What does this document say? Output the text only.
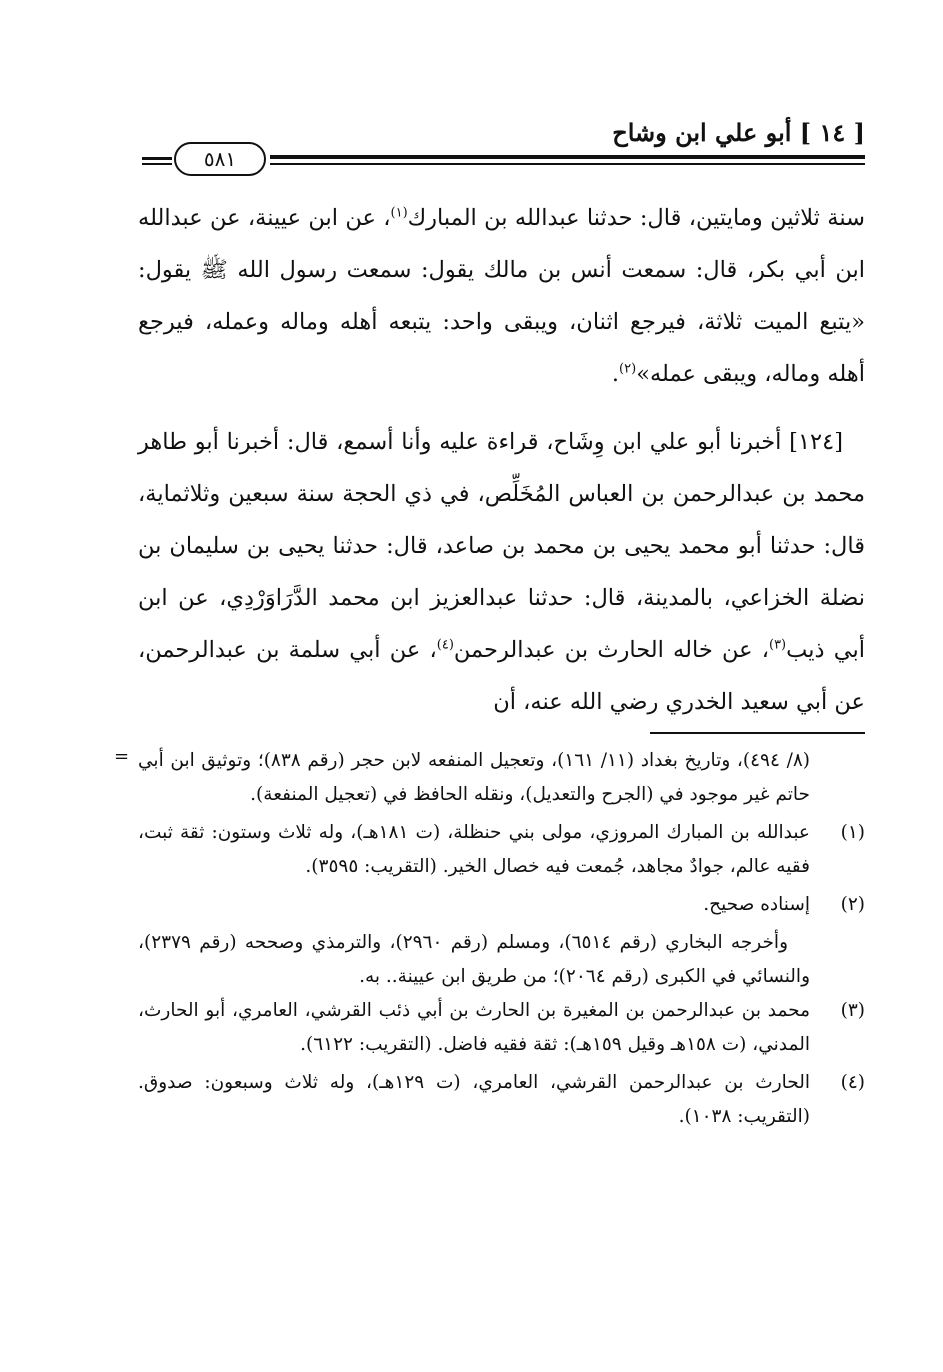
[ ١٤ ] أبو علي ابن وشاح
٥٨١

سنة ثلاثين ومايتين، قال: حدثنا عبدالله بن المبارك$^{(١)}$، عن ابن عيينة، عن عبدالله ابن أبي بكر، قال: سمعت أنس بن مالك يقول: سمعت رسول الله ﷺ يقول: «يتبع الميت ثلاثة، فيرجع اثنان، ويبقى واحد: يتبعه أهله وماله وعمله، فيرجع أهله وماله، ويبقى عمله»$^{(٢)}$.

[١٢٤] أخبرنا أبو علي ابن وِشَاح، قراءة عليه وأنا أسمع، قال: أخبرنا أبو طاهر محمد بن عبدالرحمن بن العباس المُخَلِّص، في ذي الحجة سنة سبعين وثلاثماية، قال: حدثنا أبو محمد يحيى بن محمد بن صاعد، قال: حدثنا يحيى بن سليمان بن نضلة الخزاعي، بالمدينة، قال: حدثنا عبدالعزيز ابن محمد الدَّرَاوَرْدِي، عن ابن أبي ذيب$^{(٣)}$، عن خاله الحارث بن عبدالرحمن$^{(٤)}$، عن أبي سلمة بن عبدالرحمن، عن أبي سعيد الخدري رضي الله عنه، أن

= (٨/ ٤٩٤)، وتاريخ بغداد (١١/ ١٦١)، وتعجيل المنفعه لابن حجر (رقم ٨٣٨)؛ وتوثيق ابن أبي حاتم غير موجود في (الجرح والتعديل)، ونقله الحافظ في (تعجيل المنفعة).
(١)
عبدالله بن المبارك المروزي، مولى بني حنظلة، (ت ١٨١هـ)، وله ثلاث وستون: ثقة ثبت، فقيه عالم، جوادٌ مجاهد، جُمعت فيه خصال الخير. (التقريب: ٣٥٩٥).
(٢)
إسناده صحيح.

وأخرجه البخاري (رقم ٦٥١٤)، ومسلم (رقم ٢٩٦٠)، والترمذي وصححه (رقم ٢٣٧٩)، والنسائي في الكبرى (رقم ٢٠٦٤)؛ من طريق ابن عيينة.. به.

(٣)
محمد بن عبدالرحمن بن المغيرة بن الحارث بن أبي ذئب القرشي، العامري، أبو الحارث، المدني، (ت ١٥٨هـ وقيل ١٥٩هـ): ثقة فقيه فاضل. (التقريب: ٦١٢٢).
(٤)
الحارث بن عبدالرحمن القرشي، العامري، (ت ١٢٩هـ)، وله ثلاث وسبعون: صدوق. (التقريب: ١٠٣٨).
